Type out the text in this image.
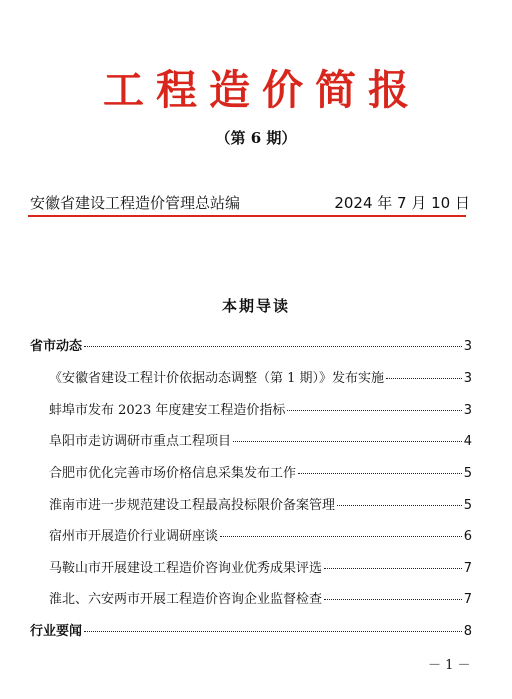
工程造价简报
（第 6 期）
安徽省建设工程造价管理总站编	2024 年 7 月 10 日
本期导读
省市动态	3
《安徽省建设工程计价依据动态调整（第 1 期）》发布实施	3
蚌埠市发布 2023 年度建安工程造价指标	3
阜阳市走访调研市重点工程项目	4
合肥市优化完善市场价格信息采集发布工作	5
淮南市进一步规范建设工程最高投标限价备案管理	5
宿州市开展造价行业调研座谈	6
马鞍山市开展建设工程造价咨询业优秀成果评选	7
淮北、六安两市开展工程造价咨询企业监督检查	7
行业要闻	8
－ 1 －
